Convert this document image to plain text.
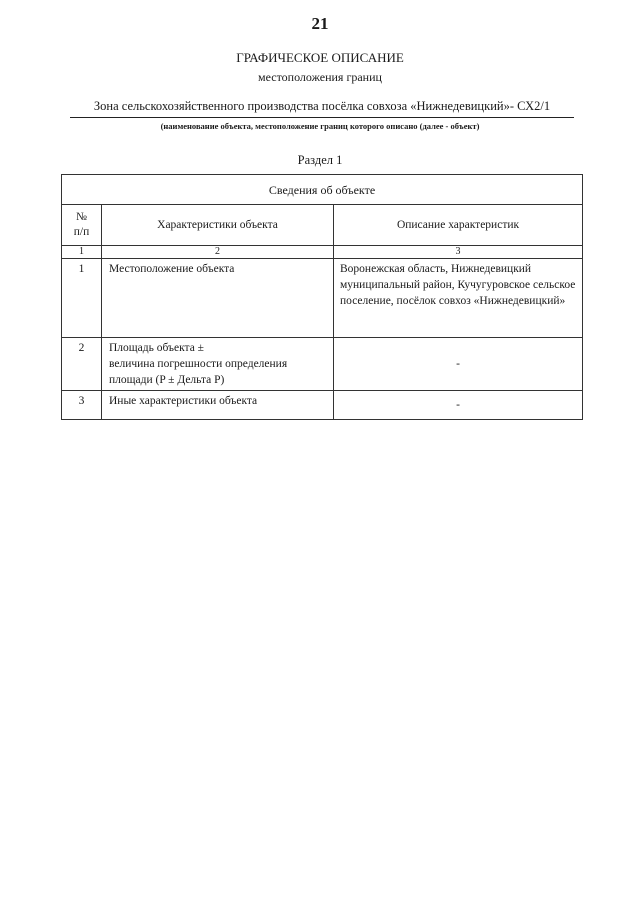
21
ГРАФИЧЕСКОЕ ОПИСАНИЕ
местоположения границ
Зона сельскохозяйственного производства посёлка совхоза «Нижнедевицкий»- СХ2/1
(наименование объекта, местоположение границ которого описано (далее - объект)
Раздел 1
Сведения об объекте		
№
п/п	Характеристики объекта	Описание характеристик
1	2	3
1	Местоположение объекта	Воронежская область, Нижнедевицкий муниципальный район, Кучугуровское сельское поселение, посёлок совхоз «Нижнедевицкий»
2	Площадь объекта ±
величина погрешности определения площади (P ± Дельта P)	-
3	Иные характеристики объекта	-
